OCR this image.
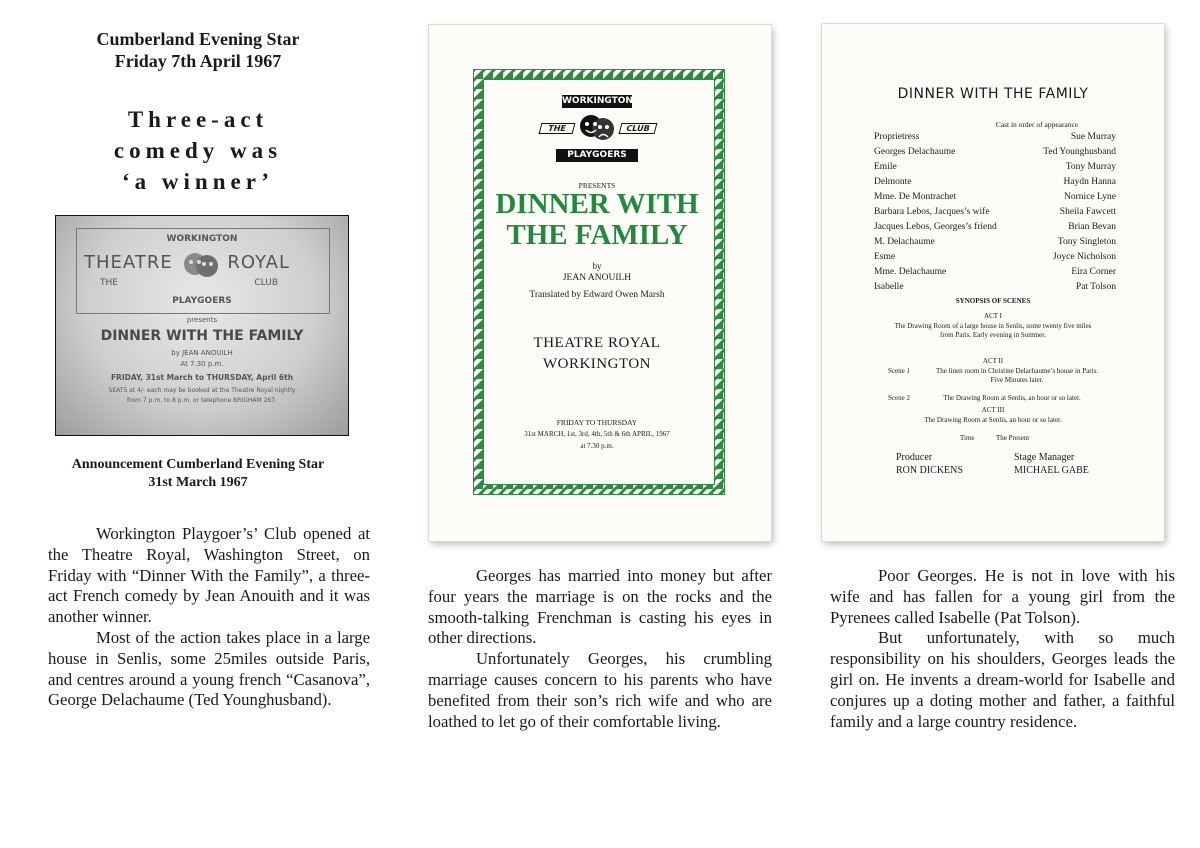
Cumberland Evening Star
Friday 7th April 1967
Three-act
comedy was
‘a winner’
WORKINGTON
THEATRE	ROYAL
THE	CLUB
PLAYGOERS
presents
DINNER WITH THE FAMILY
by JEAN ANOUILH
At 7.30 p.m.
FRIDAY, 31st March to THURSDAY, April 6th
SEATS at 4/- each may be booked at the Theatre Royal nightly
from 7 p.m. to 8 p.m. or telephone BRIGHAM 267.
Announcement Cumberland Evening Star
31st March 1967

Workington Playgoer’s’ Club opened at the Theatre Royal, Washington Street, on Friday with “Dinner With the Family”, a three-act French comedy by Jean Anouith and it was another winner.

Most of the action takes place in a large house in Senlis, some 25miles outside Paris, and centres around a young french “Casanova”, George Delachaume (Ted Younghusband).

WORKINGTON
THE	CLUB
PLAYGOERS
PRESENTS
DINNER WITH
THE FAMILY
by
JEAN ANOUILH
Translated by Edward Owen Marsh
THEATRE ROYAL
WORKINGTON
FRIDAY TO THURSDAY
31st MARCH, 1st, 3rd, 4th, 5th & 6th APRIL, 1967
at 7.30 p.m.

Georges has married into money but after four years the marriage is on the rocks and the smooth-talking Frenchman is casting his eyes in other directions.

Unfortunately Georges, his crumbling marriage causes concern to his parents who have benefited from their son’s rich wife and who are loathed to let go of their comfortable living.

DINNER WITH THE FAMILY
Cast in order of appearance
Proprietress	Sue Murray
Georges Delachaume	Ted Younghusband
Emile	Tony Murray
Delmonte	Haydn Hanna
Mme. De Montrachet	Nornice Lyne
Barbara Lebos, Jacques’s wife	Sheila Fawcett
Jacques Lebos, Georges’s friend	Brian Bevan
M. Delachaume	Tony Singleton
Esme	Joyce Nicholson
Mme. Delachaume	Eira Corner
Isabelle	Pat Tolson
SYNOPSIS OF SCENES
ACT I
The Drawing Room of a large house in Senlis, some twenty five miles
from Paris. Early evening in Summer.
ACT II
Scene 1	The linen room in Christine Delachaume’s house in Paris.
Five Minutes later.
Scene 2	The Drawing Room at Senlis, an hour or so later.
ACT III
The Drawing Room at Senlis, an hour or so later.
Time	The Present
Producer
RON DICKENS
Stage Manager
MICHAEL GABE

Poor Georges. He is not in love with his wife and has fallen for a young girl from the Pyrenees called Isabelle (Pat Tolson).

But unfortunately, with so much responsibility on his shoulders, Georges leads the girl on. He invents a dream-world for Isabelle and conjures up a doting mother and father, a faithful family and a large country residence.
